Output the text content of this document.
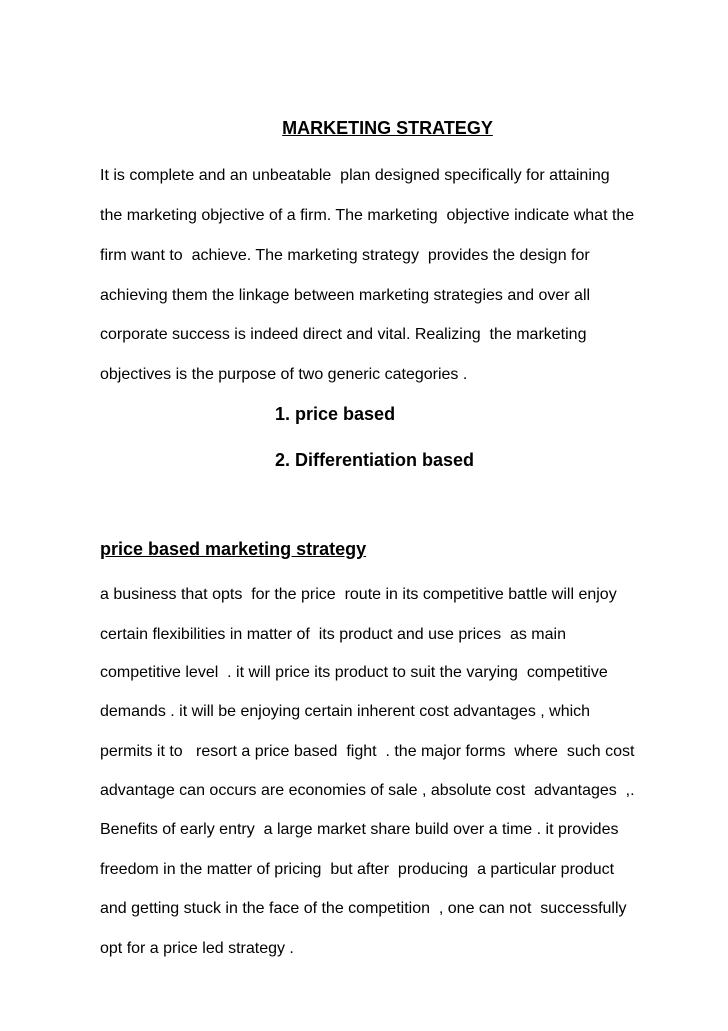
MARKETING STRATEGY
It is complete and an unbeatable  plan designed specifically for attaining
the marketing objective of a firm. The marketing  objective indicate what the
firm want to  achieve. The marketing strategy  provides the design for
achieving them the linkage between marketing strategies and over all
corporate success is indeed direct and vital. Realizing  the marketing
objectives is the purpose of two generic categories .
1. price based
2. Differentiation based
price based marketing strategy
a business that opts  for the price  route in its competitive battle will enjoy
certain flexibilities in matter of  its product and use prices  as main
competitive level  . it will price its product to suit the varying  competitive
demands . it will be enjoying certain inherent cost advantages , which
permits it to   resort a price based  fight  . the major forms  where  such cost
advantage can occurs are economies of sale , absolute cost  advantages  ,.
Benefits of early entry  a large market share build over a time . it provides
freedom in the matter of pricing  but after  producing  a particular product
and getting stuck in the face of the competition  , one can not  successfully
opt for a price led strategy .
